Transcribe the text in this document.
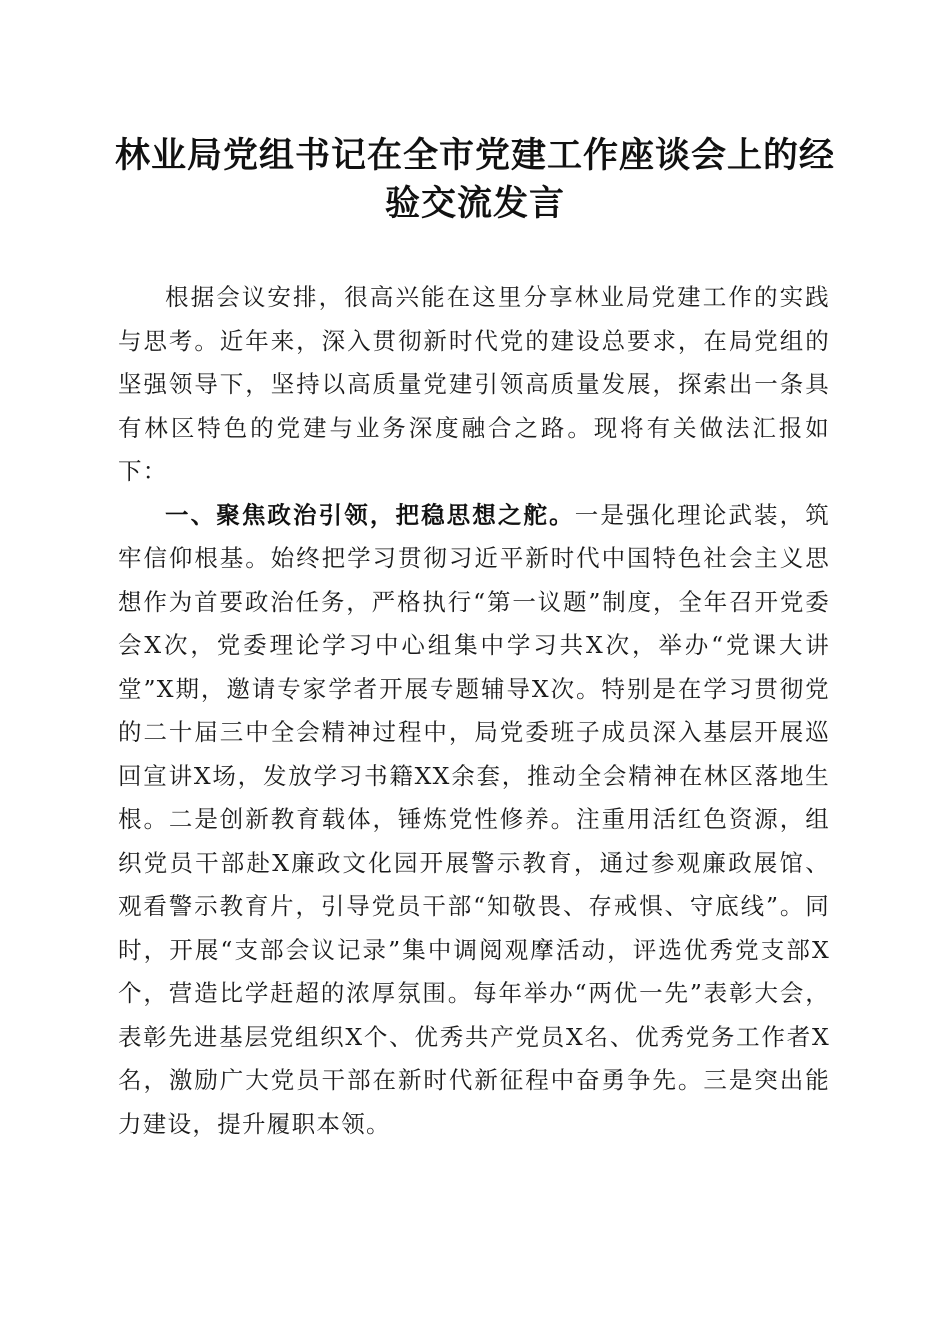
林业局党组书记在全市党建工作座谈会上的经验交流发言

根据会议安排，很高兴能在这里分享林业局党建工作的实践与思考。近年来，深入贯彻新时代党的建设总要求，在局党组的坚强领导下，坚持以高质量党建引领高质量发展，探索出一条具有林区特色的党建与业务深度融合之路。现将有关做法汇报如下：

一、聚焦政治引领，把稳思想之舵。一是强化理论武装，筑牢信仰根基。始终把学习贯彻习近平新时代中国特色社会主义思想作为首要政治任务，严格执行“第一议题”制度，全年召开党委会X次，党委理论学习中心组集中学习共X次，举办“党课大讲堂”X期，邀请专家学者开展专题辅导X次。特别是在学习贯彻党的二十届三中全会精神过程中，局党委班子成员深入基层开展巡回宣讲X场，发放学习书籍XX余套，推动全会精神在林区落地生根。二是创新教育载体，锤炼党性修养。注重用活红色资源，组织党员干部赴X廉政文化园开展警示教育，通过参观廉政展馆、观看警示教育片，引导党员干部“知敬畏、存戒惧、守底线”。同时，开展“支部会议记录”集中调阅观摩活动，评选优秀党支部X个，营造比学赶超的浓厚氛围。每年举办“两优一先”表彰大会，表彰先进基层党组织X个、优秀共产党员X名、优秀党务工作者X名，激励广大党员干部在新时代新征程中奋勇争先。三是突出能力建设，提升履职本领。
